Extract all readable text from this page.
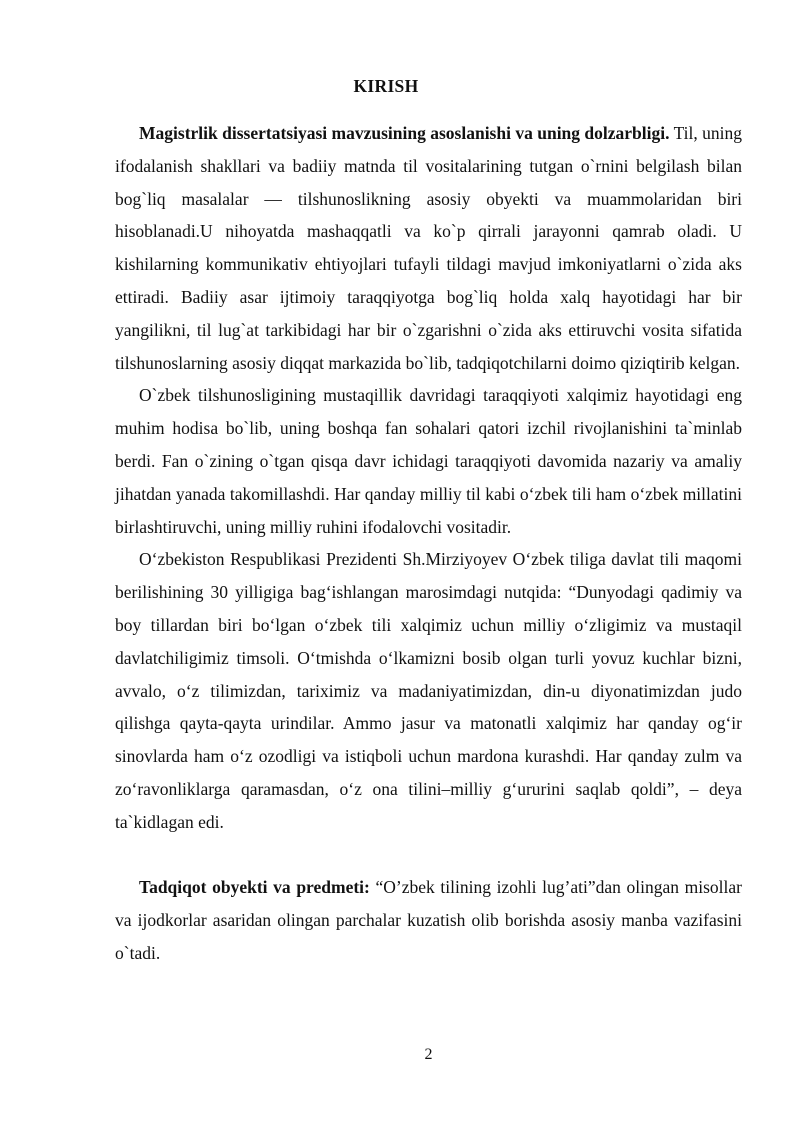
KIRISH

Magistrlik dissertatsiyasi mavzusining asoslanishi va uning dolzarbligi. Til, uning ifodalanish shakllari va badiiy matnda til vositalarining tutgan o`rnini belgilash bilan bog`liq masalalar — tilshunoslikning asosiy obyekti va muammolaridan biri hisoblanadi.U nihoyatda mashaqqatli va ko`p qirrali jarayonni qamrab oladi. U kishilarning kommunikativ ehtiyojlari tufayli tildagi mavjud imkoniyatlarni o`zida aks ettiradi. Badiiy asar ijtimoiy taraqqiyotga bog`liq holda xalq hayotidagi har bir yangilikni, til lug`at tarkibidagi har bir o`zgarishni o`zida aks ettiruvchi vosita sifatida tilshunoslarning asosiy diqqat markazida bo`lib, tadqiqotchilarni doimo qiziqtirib kelgan.

O`zbek tilshunosligining mustaqillik davridagi taraqqiyoti xalqimiz hayotidagi eng muhim hodisa bo`lib, uning boshqa fan sohalari qatori izchil rivojlanishini ta`minlab berdi. Fan o`zining o`tgan qisqa davr ichidagi taraqqiyoti davomida nazariy va amaliy jihatdan yanada takomillashdi. Har qanday milliy til kabi o‘zbek tili ham o‘zbek millatini birlashtiruvchi, uning milliy ruhini ifodalovchi vositadir.

O‘zbekiston Respublikasi Prezidenti Sh.Mirziyoyev O‘zbek tiliga davlat tili maqomi berilishining 30 yilligiga bag‘ishlangan marosimdagi nutqida: “Dunyodagi qadimiy va boy tillardan biri bo‘lgan o‘zbek tili xalqimiz uchun milliy o‘zligimiz va mustaqil davlatchiligimiz timsoli. O‘tmishda o‘lkamizni bosib olgan turli yovuz kuchlar bizni, avvalo, o‘z tilimizdan, tariximiz va madaniyatimizdan, din-u diyonatimizdan judo qilishga qayta-qayta urindilar. Ammo jasur va matonatli xalqimiz har qanday og‘ir sinovlarda ham o‘z ozodligi va istiqboli uchun mardona kurashdi. Har qanday zulm va zo‘ravonliklarga qaramasdan, o‘z ona tilini–milliy g‘ururini saqlab qoldi”, – deya ta`kidlagan edi.

Tadqiqot obyekti va predmeti: “O’zbek tilining izohli lug’ati”dan olingan misollar va ijodkorlar asaridan olingan parchalar kuzatish olib borishda asosiy manba vazifasini o`tadi.

2
